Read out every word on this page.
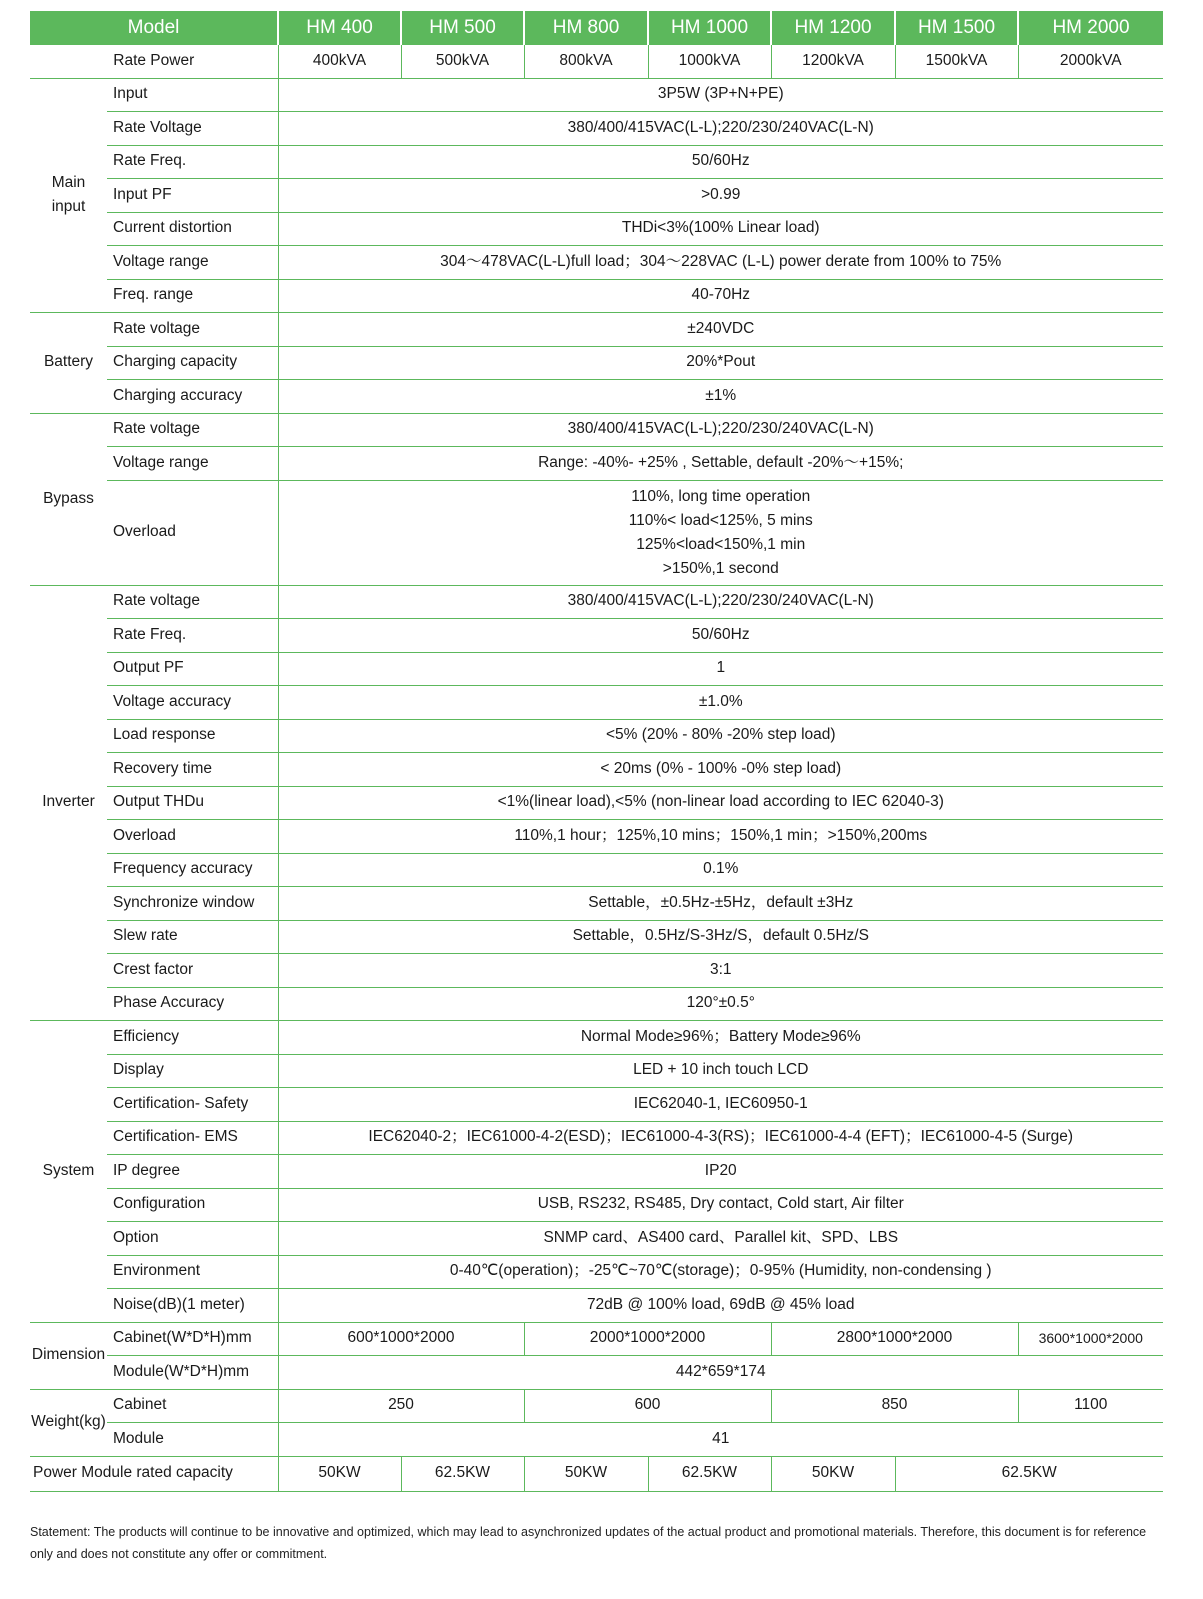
Model		HM 400	HM 500	HM 800	HM 1000	HM 1200	HM 1500	HM 2000
Rate Power		400kVA	500kVA	800kVA	1000kVA	1200kVA	1500kVA	2000kVA
Main input	Input	3P5W (3P+N+PE)						
	Rate Voltage	380/400/415VAC(L-L);220/230/240VAC(L-N)						
	Rate Freq.	50/60Hz						
	Input PF	>0.99						
	Current distortion	THDi<3%(100% Linear load)						
	Voltage range	304～478VAC(L-L)full load；304～228VAC (L-L) power derate from 100% to 75%						
	Freq. range	40-70Hz						
Battery	Rate voltage	±240VDC						
	Charging capacity	20%*Pout						
	Charging accuracy	±1%						
Bypass	Rate voltage	380/400/415VAC(L-L);220/230/240VAC(L-N)						
	Voltage range	Range: -40%- +25% , Settable, default -20%～+15%;						
	Overload	110%, long time operation
110%< load<125%, 5 mins
125%<load<150%,1 min
>150%,1 second						

Inverter	Rate voltage	380/400/415VAC(L-L);220/230/240VAC(L-N)						
	Rate Freq.	50/60Hz						
	Output PF	1						
	Voltage accuracy	±1.0%						
	Load response	<5% (20% - 80% -20% step load)						
	Recovery time	< 20ms (0% - 100% -0% step load)						
	Output THDu	<1%(linear load),<5% (non-linear load according to IEC 62040-3)						
	Overload	110%,1 hour；125%,10 mins；150%,1 min；>150%,200ms						
	Frequency accuracy	0.1%						
	Synchronize window	Settable，±0.5Hz-±5Hz，default ±3Hz						
	Slew rate	Settable，0.5Hz/S-3Hz/S，default 0.5Hz/S						
	Crest factor	3:1						
	Phase Accuracy	120°±0.5°						
System	Efficiency	Normal Mode≥96%；Battery Mode≥96%						
	Display	LED + 10 inch touch LCD						
	Certification- Safety	IEC62040-1, IEC60950-1						
	Certification- EMS	IEC62040-2；IEC61000-4-2(ESD)；IEC61000-4-3(RS)；IEC61000-4-4 (EFT)；IEC61000-4-5 (Surge)						
	IP degree	IP20						
	Configuration	USB, RS232, RS485, Dry contact, Cold start, Air filter						
	Option	SNMP card、AS400 card、Parallel kit、SPD、LBS						
	Environment	0-40℃(operation)；-25℃~70℃(storage)；0-95% (Humidity, non-condensing )						
	Noise(dB)(1 meter)	72dB @ 100% load, 69dB @ 45% load						
Dimension	Cabinet(W*D*H)mm	600*1000*2000		2000*1000*2000		2800*1000*2000		3600*1000*2000
	Module(W*D*H)mm	442*659*174						
Weight(kg)	Cabinet	250		600		850		1100
	Module	41						
Power Module rated capacity		50KW	62.5KW	50KW	62.5KW	50KW	62.5KW	
Statement: The products will continue to be innovative and optimized, which may lead to asynchronized updates of the actual product and promotional materials. Therefore, this document is for reference only and does not constitute any offer or commitment.
